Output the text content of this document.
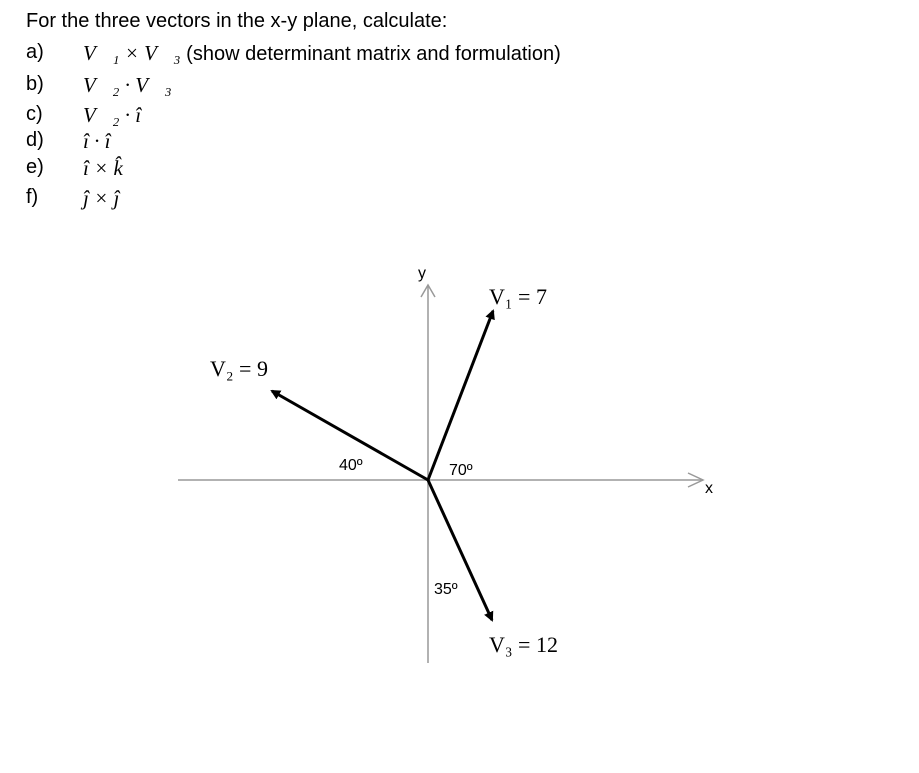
For the three vectors in the x-y plane, calculate:
a) V⃗₁ × V⃗₃ (show determinant matrix and formulation)
b) V⃗₂ · V⃗₃
c) V⃗₂ · î
d) î · î
e) î × k̂
f) ĵ × ĵ
x
y
V₁ = 7
V₂ = 9
V₃ = 12
70º
40º
35º
